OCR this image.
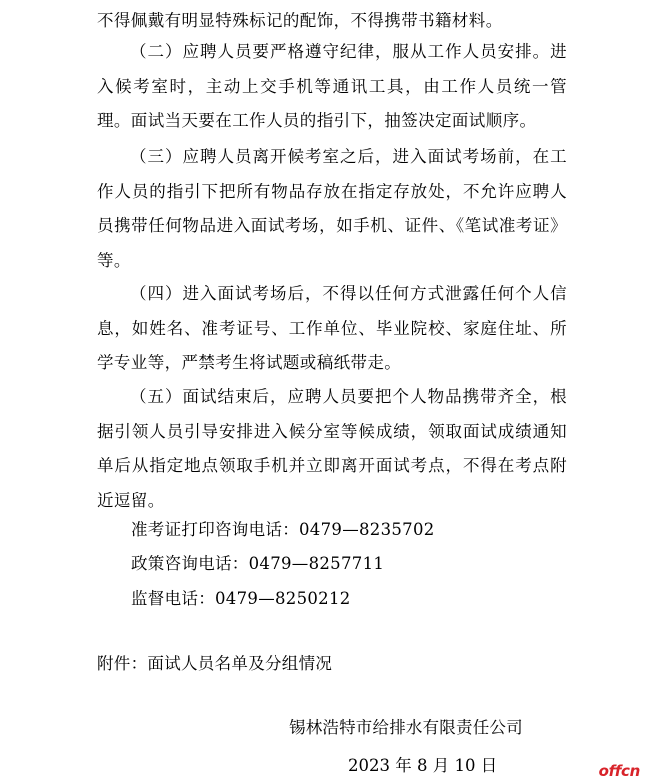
不得佩戴有明显特殊标记的配饰，不得携带书籍材料。

（二）应聘人员要严格遵守纪律，服从工作人员安排。进入候考室时，主动上交手机等通讯工具，由工作人员统一管理。面试当天要在工作人员的指引下，抽签决定面试顺序。

（三）应聘人员离开候考室之后，进入面试考场前，在工作人员的指引下把所有物品存放在指定存放处，不允许应聘人员携带任何物品进入面试考场，如手机、证件、《笔试准考证》等。

（四）进入面试考场后，不得以任何方式泄露任何个人信息，如姓名、准考证号、工作单位、毕业院校、家庭住址、所学专业等，严禁考生将试题或稿纸带走。

（五）面试结束后，应聘人员要把个人物品携带齐全，根据引领人员引导安排进入候分室等候成绩，领取面试成绩通知单后从指定地点领取手机并立即离开面试考点，不得在考点附近逗留。

准考证打印咨询电话：0479—8235702
政策咨询电话：0479—8257711
监督电话：0479—8250212
附件：面试人员名单及分组情况
锡林浩特市给排水有限责任公司
2023 年 8 月 10 日	offcn
